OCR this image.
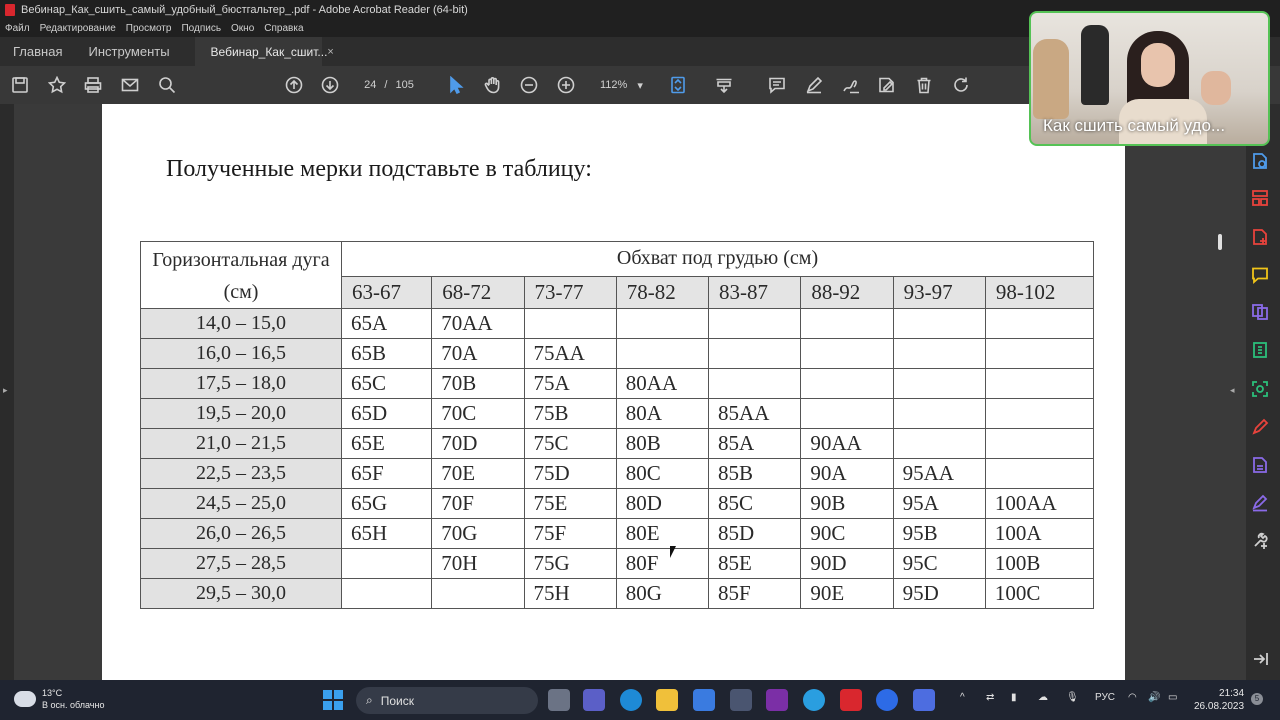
Вебинар_Как_сшить_самый_удобный_бюстгальтер_.pdf - Adobe Acrobat Reader (64-bit)
Файл Редактирование Просмотр Подпись Окно Справка
Главная	Инструменты	Вебинар_Как_сшит... ×
24 / 105	112% ▾
▸
Полученные мерки подставьте в таблицу:
Горизонтальная дуга (см)	Обхват под грудью (см)							
	63-67	68-72	73-77	78-82	83-87	88-92	93-97	98-102
14,0 – 15,0	65A	70AA						
16,0 – 16,5	65B	70A	75AA					
17,5 – 18,0	65C	70B	75A	80AA				
19,5 – 20,0	65D	70C	75B	80A	85AA			
21,0 – 21,5	65E	70D	75C	80B	85A	90AA		
22,5 – 23,5	65F	70E	75D	80C	85B	90A	95AA	
24,5 – 25,0	65G	70F	75E	80D	85C	90B	95A	100AA
26,0 – 26,5	65H	70G	75F	80E	85D	90C	95B	100A
27,5 – 28,5		70H	75G	80F	85E	90D	95C	100B
29,5 – 30,0			75H	80G	85F	90E	95D	100C
◂
Как сшить самый удо...
13°C
В осн. облачно	⌕ Поиск	^ ⇄ ▮ ☁ 🎙 РУС ◠ 🔊 ▭	21:34
26.08.2023
5
